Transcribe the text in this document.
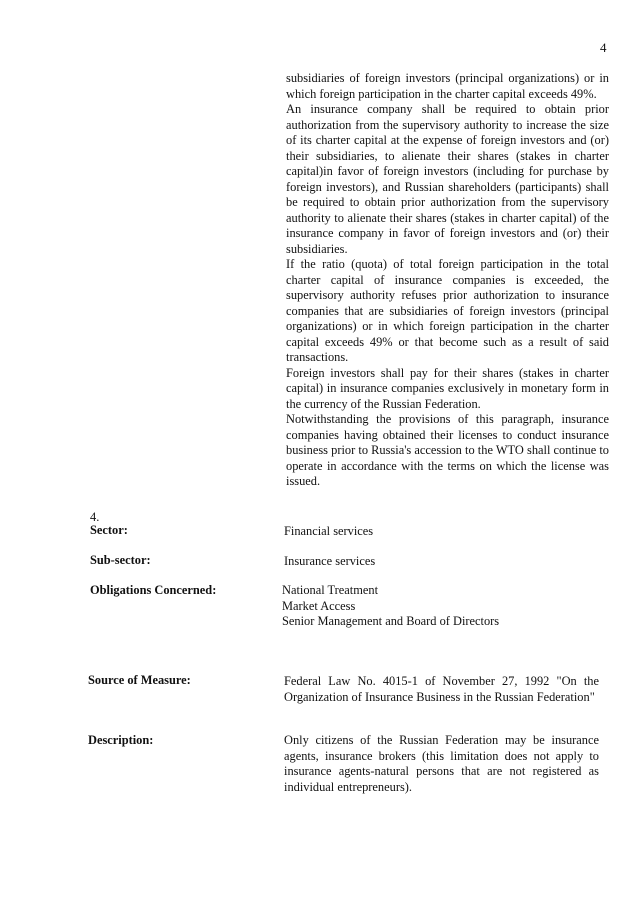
4

subsidiaries of foreign investors (principal organizations) or in which foreign participation in the charter capital exceeds 49%.

An insurance company shall be required to obtain prior authorization from the supervisory authority to increase the size of its charter capital at the expense of foreign investors and (or) their subsidiaries, to alienate their shares (stakes in charter capital)in favor of foreign investors (including for purchase by foreign investors), and Russian shareholders (participants) shall be required to obtain prior authorization from the supervisory authority to alienate their shares (stakes in charter capital) of the insurance company in favor of foreign investors and (or) their subsidiaries.

If the ratio (quota) of total foreign participation in the total charter capital of insurance companies is exceeded, the supervisory authority refuses prior authorization to insurance companies that are subsidiaries of foreign investors (principal organizations) or in which foreign participation in the charter capital exceeds 49% or that become such as a result of said transactions.

Foreign investors shall pay for their shares (stakes in charter capital) in insurance companies exclusively in monetary form in the currency of the Russian Federation.

Notwithstanding the provisions of this paragraph, insurance companies having obtained their licenses to conduct insurance business prior to Russia's accession to the WTO shall continue to operate in accordance with the terms on which the license was issued.

4.
Sector:	Financial services
Sub-sector:	Insurance services
Obligations Concerned:	National Treatment
Market Access
Senior Management and Board of Directors
Source of Measure:	Federal Law No. 4015-1 of November 27, 1992 "On the Organization of Insurance Business in the Russian Federation"
Description:	Only citizens of the Russian Federation may be insurance agents, insurance brokers (this limitation does not apply to insurance agents-natural persons that are not registered as individual entrepreneurs).
